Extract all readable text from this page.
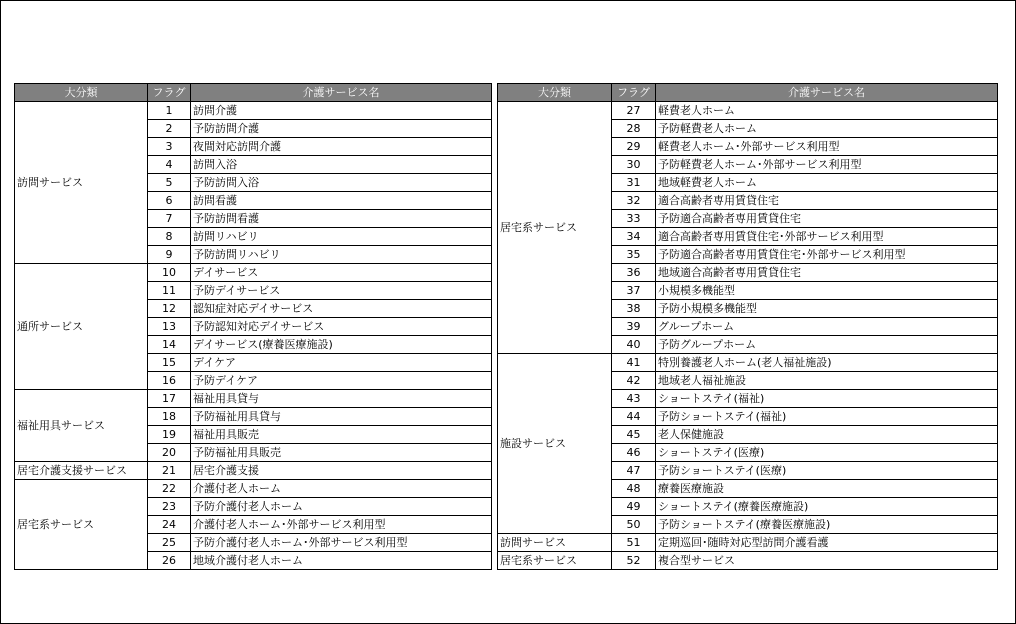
大分類	フラグ	介護サービス名
訪問サービス	1	訪問介護
	2	予防訪問介護
	3	夜間対応訪問介護
	4	訪問入浴
	5	予防訪問入浴
	6	訪問看護
	7	予防訪問看護
	8	訪問リハビリ
	9	予防訪問リハビリ
通所サービス	10	デイサービス
	11	予防デイサービス
	12	認知症対応デイサービス
	13	予防認知対応デイサービス
	14	デイサービス(療養医療施設)
	15	デイケア
	16	予防デイケア
福祉用具サービス	17	福祉用具貸与
	18	予防福祉用具貸与
	19	福祉用具販売
	20	予防福祉用具販売
居宅介護支援サービス	21	居宅介護支援
居宅系サービス	22	介護付老人ホーム
	23	予防介護付老人ホーム
	24	介護付老人ホーム･外部サービス利用型
	25	予防介護付老人ホーム･外部サービス利用型
	26	地域介護付老人ホーム
大分類	フラグ	介護サービス名
居宅系サービス	27	軽費老人ホーム
	28	予防軽費老人ホーム
	29	軽費老人ホーム･外部サービス利用型
	30	予防軽費老人ホーム･外部サービス利用型
	31	地域軽費老人ホーム
	32	適合高齢者専用賃貸住宅
	33	予防適合高齢者専用賃貸住宅
	34	適合高齢者専用賃貸住宅･外部サービス利用型
	35	予防適合高齢者専用賃貸住宅･外部サービス利用型
	36	地域適合高齢者専用賃貸住宅
	37	小規模多機能型
	38	予防小規模多機能型
	39	グループホーム
	40	予防グループホーム
施設サービス	41	特別養護老人ホーム(老人福祉施設)
	42	地域老人福祉施設
	43	ショートステイ(福祉)
	44	予防ショートステイ(福祉)
	45	老人保健施設
	46	ショートステイ(医療)
	47	予防ショートステイ(医療)
	48	療養医療施設
	49	ショートステイ(療養医療施設)
	50	予防ショートステイ(療養医療施設)
訪問サービス	51	定期巡回･随時対応型訪問介護看護
居宅系サービス	52	複合型サービス
